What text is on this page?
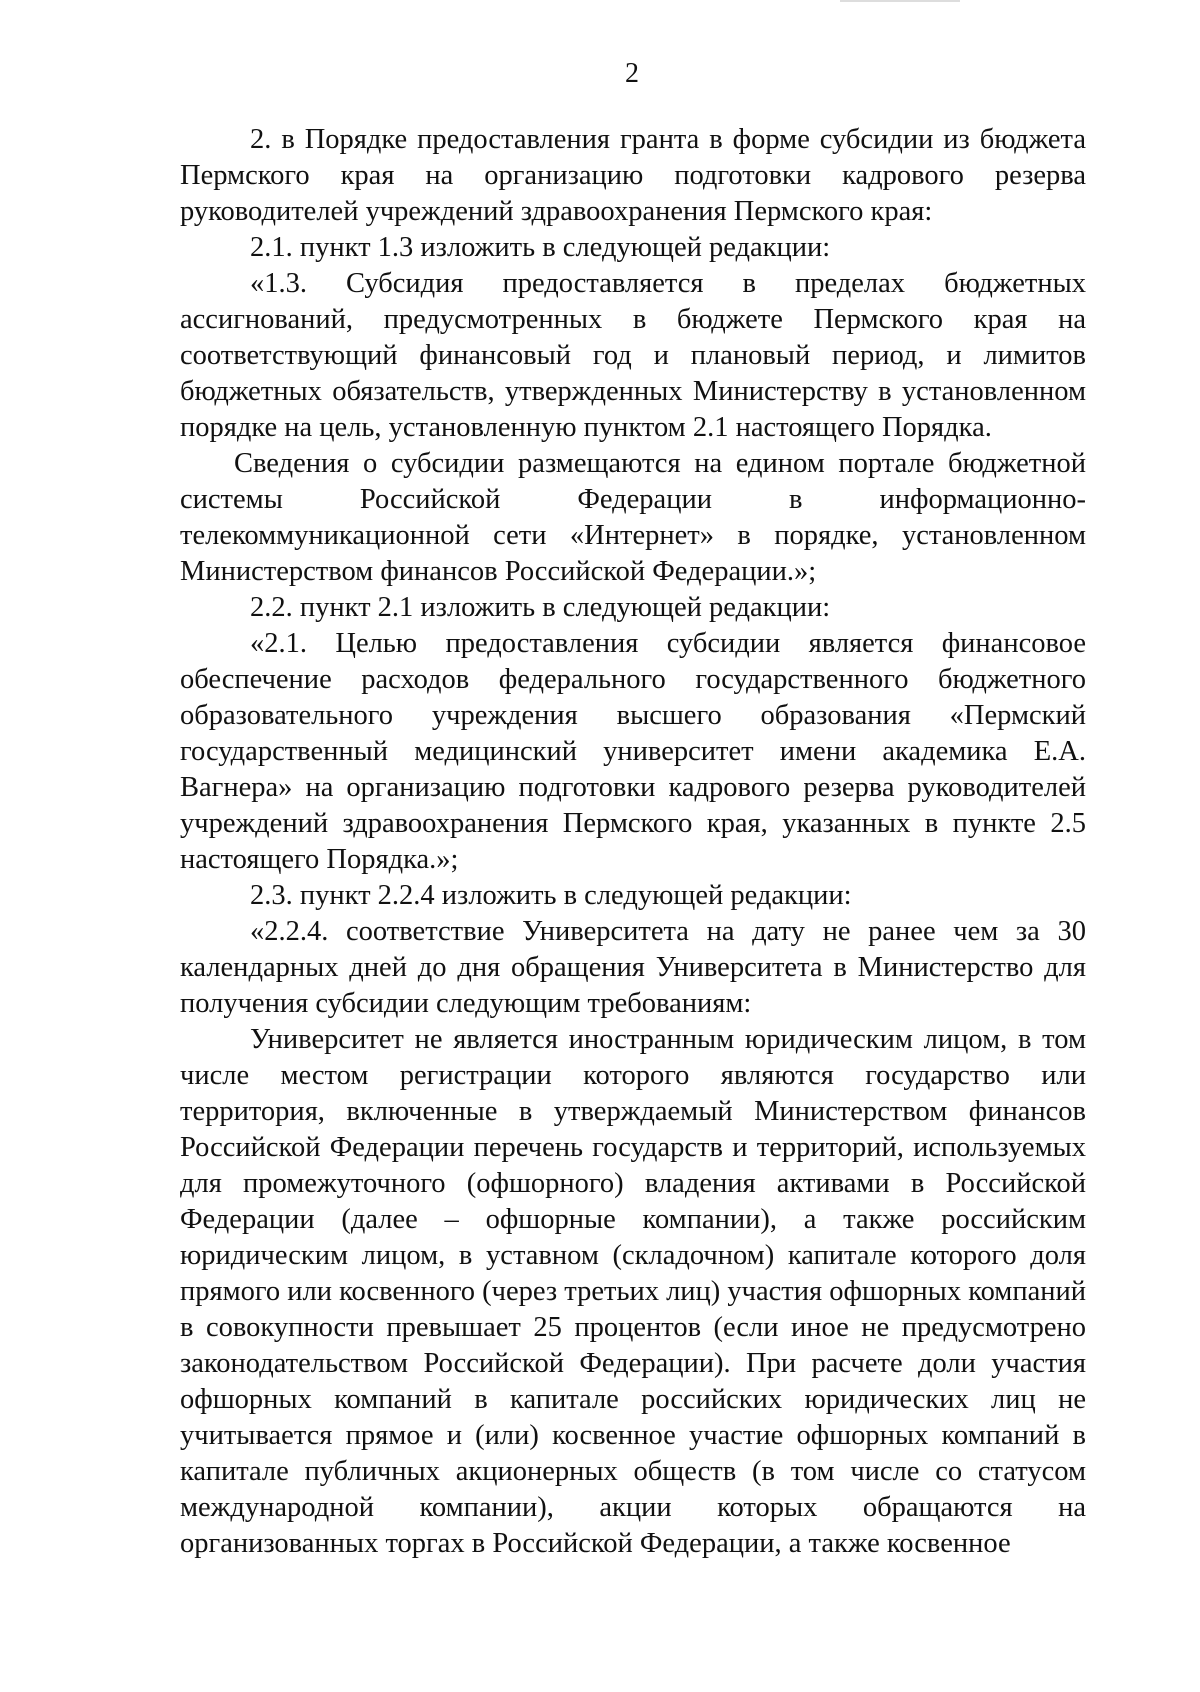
2

2. в Порядке предоставления гранта в форме субсидии из бюджета Пермского края на организацию подготовки кадрового резерва руководителей учреждений здравоохранения Пермского края:

2.1. пункт 1.3 изложить в следующей редакции:

«1.3. Субсидия предоставляется в пределах бюджетных ассигнований, предусмотренных в бюджете Пермского края на соответствующий финансовый год и плановый период, и лимитов бюджетных обязательств, утвержденных Министерству в установленном порядке на цель, установленную пунктом 2.1 настоящего Порядка.

Сведения о субсидии размещаются на едином портале бюджетной системы Российской Федерации в информационно-телекоммуникационной сети «Интернет» в порядке, установленном Министерством финансов Российской Федерации.»;

2.2. пункт 2.1 изложить в следующей редакции:

«2.1. Целью предоставления субсидии является финансовое обеспечение расходов федерального государственного бюджетного образовательного учреждения высшего образования «Пермский государственный медицинский университет имени академика Е.А. Вагнера» на организацию подготовки кадрового резерва руководителей учреждений здравоохранения Пермского края, указанных в пункте 2.5 настоящего Порядка.»;

2.3. пункт 2.2.4 изложить в следующей редакции:

«2.2.4. соответствие Университета на дату не ранее чем за 30 календарных дней до дня обращения Университета в Министерство для получения субсидии следующим требованиям:

Университет не является иностранным юридическим лицом, в том числе местом регистрации которого являются государство или территория, включенные в утверждаемый Министерством финансов Российской Федерации перечень государств и территорий, используемых для промежуточного (офшорного) владения активами в Российской Федерации (далее – офшорные компании), а также российским юридическим лицом, в уставном (складочном) капитале которого доля прямого или косвенного (через третьих лиц) участия офшорных компаний в совокупности превышает 25 процентов (если иное не предусмотрено законодательством Российской Федерации). При расчете доли участия офшорных компаний в капитале российских юридических лиц не учитывается прямое и (или) косвенное участие офшорных компаний в капитале публичных акционерных обществ (в том числе со статусом международной компании), акции которых обращаются на организованных торгах в Российской Федерации, а также косвенное
